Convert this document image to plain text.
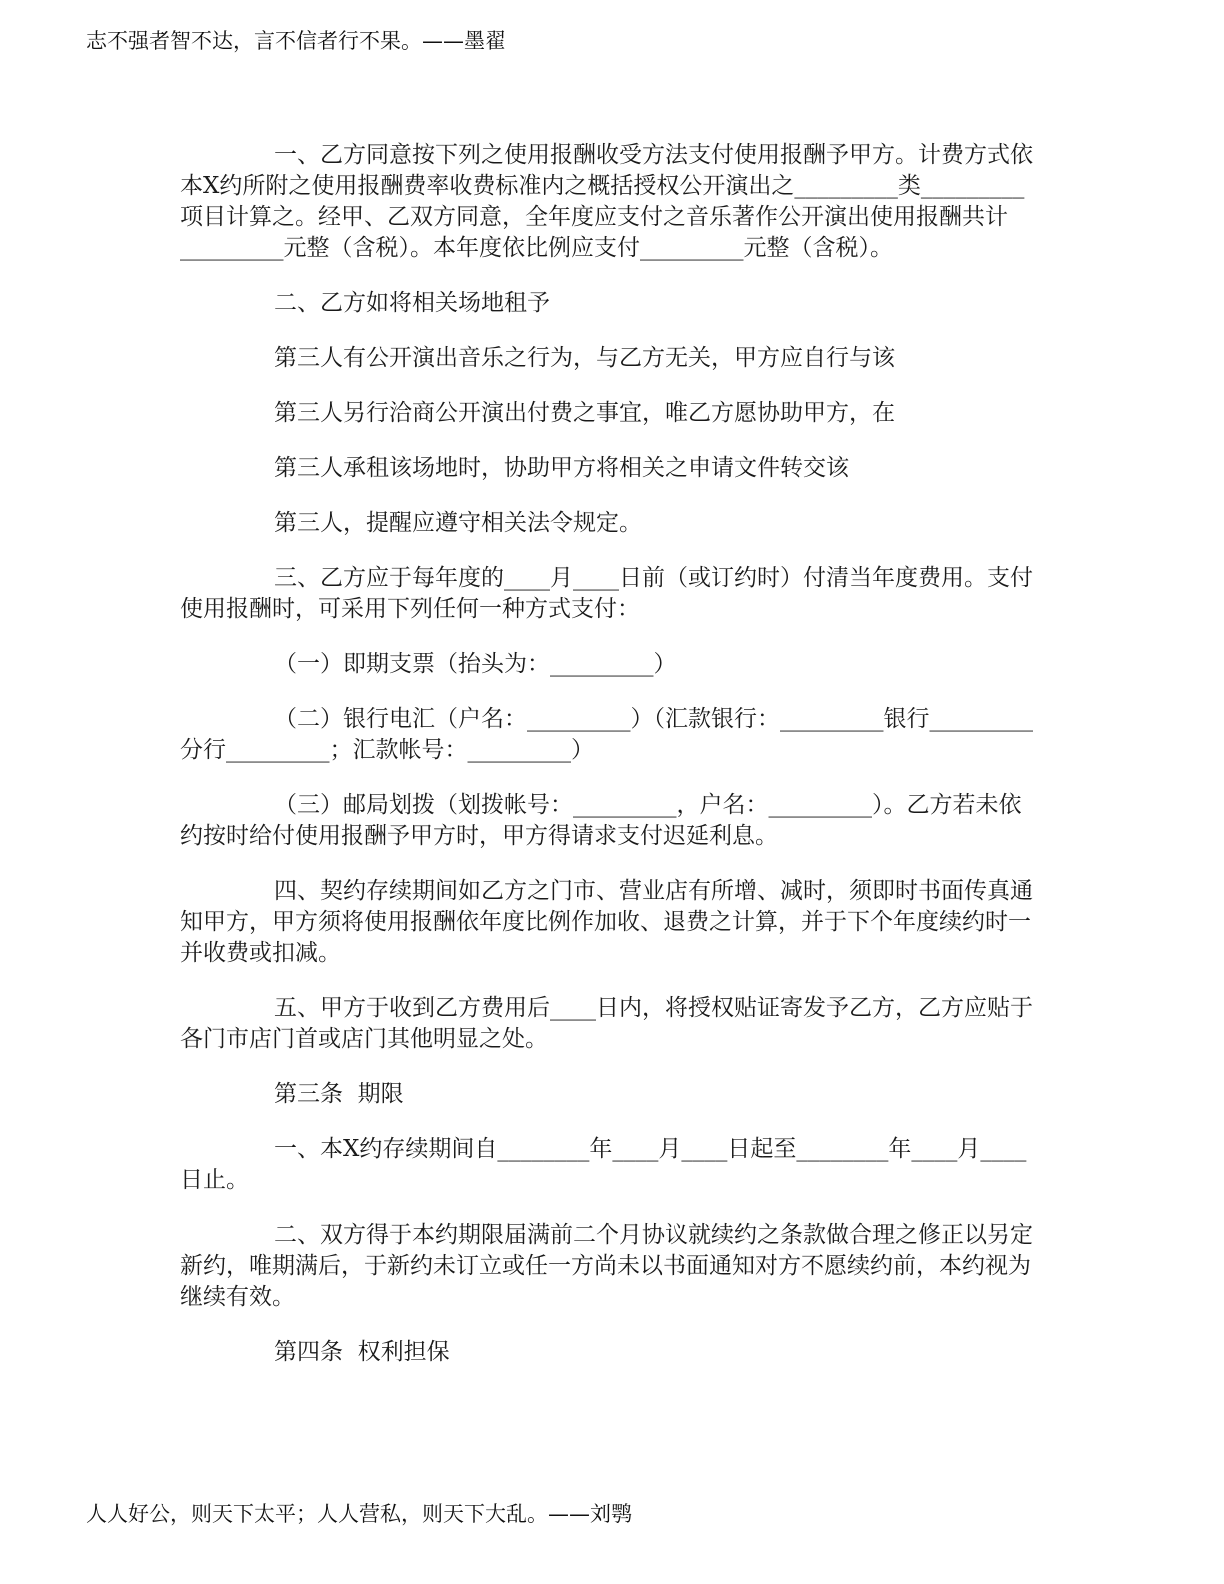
志不强者智不达，言不信者行不果。——墨翟

一、乙方同意按下列之使用报酬收受方法支付使用报酬予甲方。计费方式依本X约所附之使用报酬费率收费标准内之概括授权公开演出之_________类_________项目计算之。经甲、乙双方同意，全年度应支付之音乐著作公开演出使用报酬共计_________元整（含税）。本年度依比例应支付_________元整（含税）。

二、乙方如将相关场地租予

第三人有公开演出音乐之行为，与乙方无关，甲方应自行与该

第三人另行洽商公开演出付费之事宜，唯乙方愿协助甲方，在

第三人承租该场地时，协助甲方将相关之申请文件转交该

第三人，提醒应遵守相关法令规定。

三、乙方应于每年度的____月____日前（或订约时）付清当年度费用。支付使用报酬时，可采用下列任何一种方式支付：

（一）即期支票（抬头为：_________）

（二）银行电汇（户名：_________）（汇款银行：_________银行_________分行_________；汇款帐号：_________）

（三）邮局划拨（划拨帐号：_________，户名：_________）。乙方若未依约按时给付使用报酬予甲方时，甲方得请求支付迟延利息。

四、契约存续期间如乙方之门市、营业店有所增、减时，须即时书面传真通知甲方，甲方须将使用报酬依年度比例作加收、退费之计算，并于下个年度续约时一并收费或扣减。

五、甲方于收到乙方费用后____日内，将授权贴证寄发予乙方，乙方应贴于各门市店门首或店门其他明显之处。

第三条  期限

一、本X约存续期间自________年____月____日起至________年____月____日止。

二、双方得于本约期限届满前二个月协议就续约之条款做合理之修正以另定新约，唯期满后，于新约未订立或任一方尚未以书面通知对方不愿续约前，本约视为继续有效。

第四条  权利担保

人人好公，则天下太平；人人营私，则天下大乱。——刘鹗
